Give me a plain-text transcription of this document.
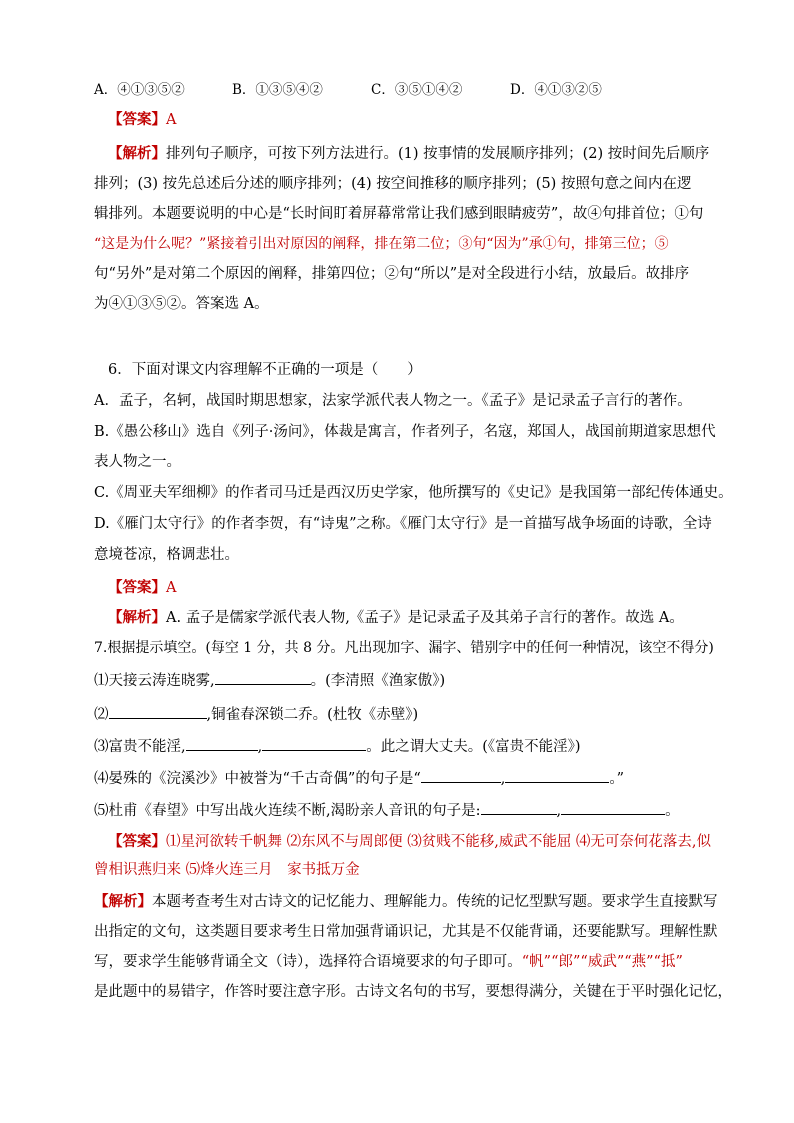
A．④①③⑤②	B．①③⑤④②	C．③⑤①④②	D．④①③②⑤
【答案】A
【解析】排列句子顺序，可按下列方法进行。(1) 按事情的发展顺序排列；(2) 按时间先后顺序
排列；(3) 按先总述后分述的顺序排列；(4) 按空间推移的顺序排列；(5) 按照句意之间内在逻
辑排列。本题要说明的中心是“长时间盯着屏幕常常让我们感到眼睛疲劳”，故④句排首位；①句
“这是为什么呢？”紧接着引出对原因的阐释，排在第二位；③句“因为”承①句，排第三位；⑤
句“另外”是对第二个原因的阐释，排第四位；②句“所以”是对全段进行小结，放最后。故排序
为④①③⑤②。答案选 A。
6．下面对课文内容理解不正确的一项是（　　）
A．孟子，名轲，战国时期思想家，法家学派代表人物之一。《孟子》是记录孟子言行的著作。
B.《愚公移山》选自《列子·汤问》，体裁是寓言，作者列子，名寇，郑国人，战国前期道家思想代
表人物之一。
C.《周亚夫军细柳》的作者司马迁是西汉历史学家，他所撰写的《史记》是我国第一部纪传体通史。
D.《雁门太守行》的作者李贺，有“诗鬼”之称。《雁门太守行》是一首描写战争场面的诗歌，全诗
意境苍凉，格调悲壮。
【答案】A
【解析】A. 孟子是儒家学派代表人物,《孟子》是记录孟子及其弟子言行的著作。故选 A。
7.根据提示填空。(每空 1 分，共 8 分。凡出现加字、漏字、错别字中的任何一种情况，该空不得分)
⑴天接云涛连晓雾,	。(李清照《渔家傲》)
⑵	,铜雀春深锁二乔。(杜牧《赤壁》)
⑶富贵不能淫,	,	。此之谓大丈夫。(《富贵不能淫》)
⑷晏殊的《浣溪沙》中被誉为“千古奇偶”的句子是“	,	。”
⑸杜甫《春望》中写出战火连续不断,渴盼亲人音讯的句子是:	,	。
【答案】⑴星河欲转千帆舞 ⑵东风不与周郎便 ⑶贫贱不能移,威武不能屈 ⑷无可奈何花落去,似
曾相识燕归来 ⑸烽火连三月　家书抵万金
【解析】本题考查考生对古诗文的记忆能力、理解能力。传统的记忆型默写题。要求学生直接默写
出指定的文句，这类题目要求考生日常加强背诵识记，尤其是不仅能背诵，还要能默写。理解性默
写，要求学生能够背诵全文（诗），选择符合语境要求的句子即可。“帆”“郎”“威武”“燕”“抵”
是此题中的易错字，作答时要注意字形。古诗文名句的书写，要想得满分，关键在于平时强化记忆，
